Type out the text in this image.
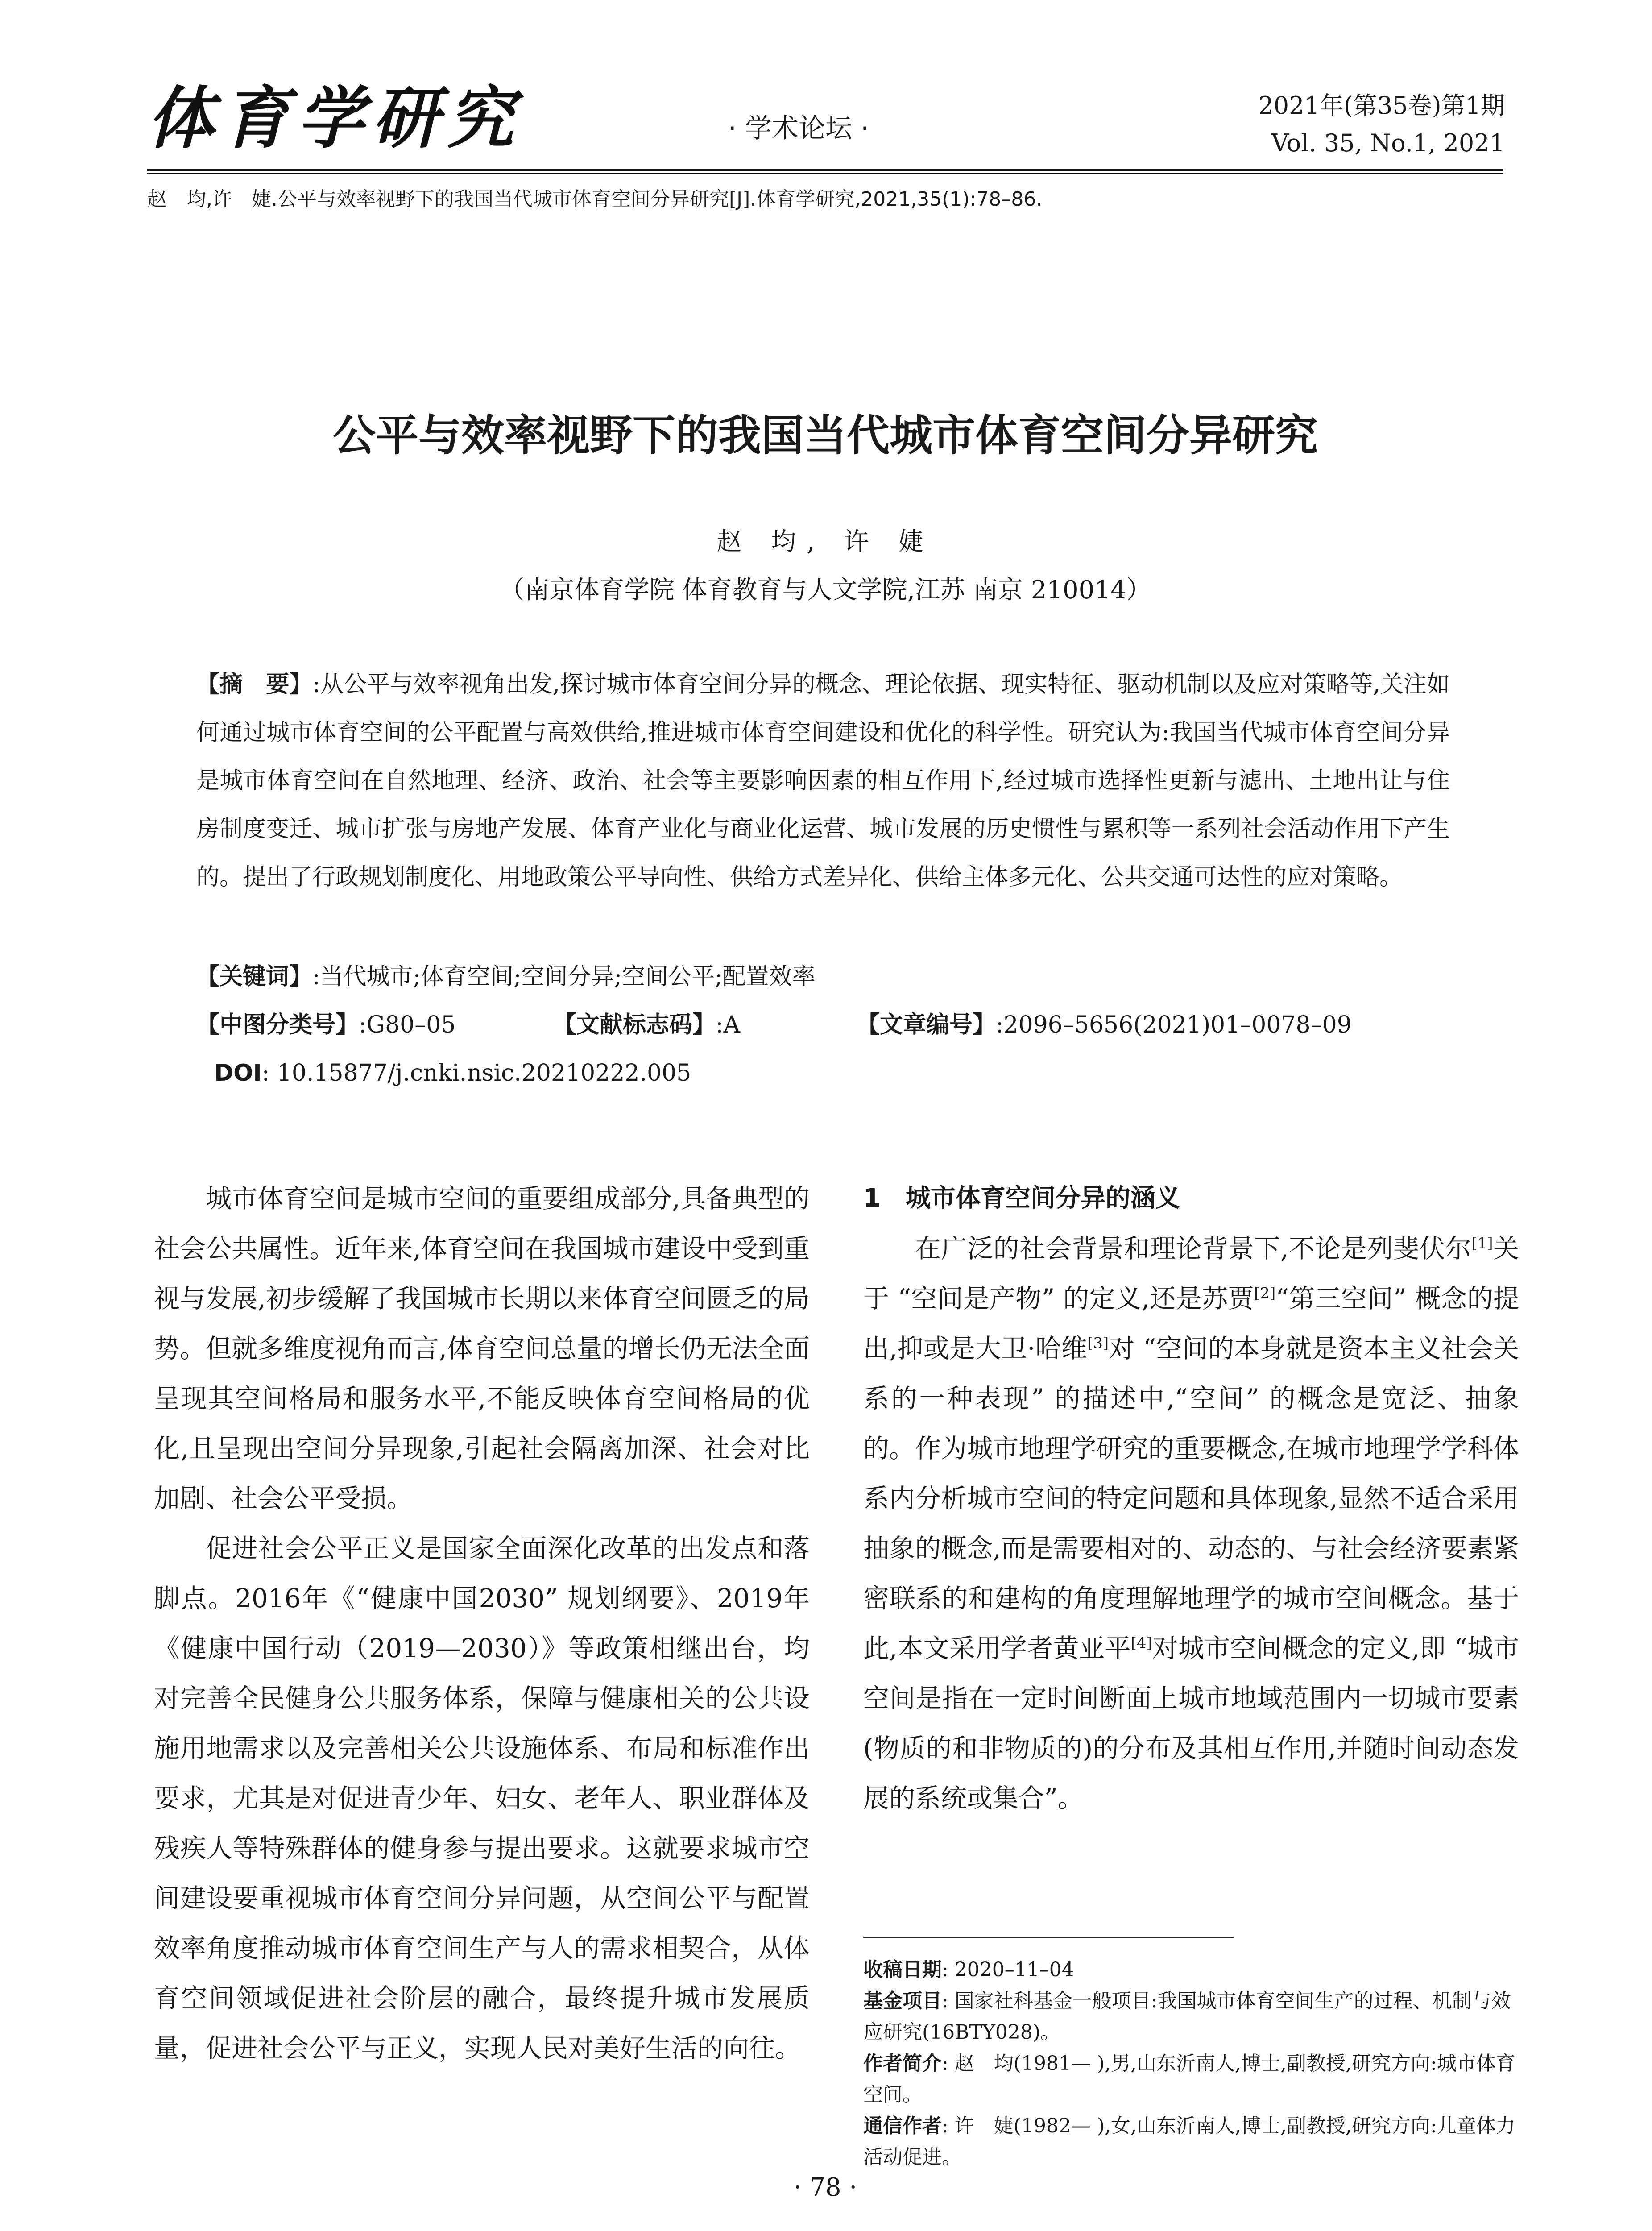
体育学研究	· 学术论坛 ·
2021年(第35卷)第1期
Vol. 35, No.1, 2021
赵　均,许　婕.公平与效率视野下的我国当代城市体育空间分异研究[J].体育学研究,2021,35(1):78–86.
公平与效率视野下的我国当代城市体育空间分异研究
赵 均, 许 婕
（南京体育学院 体育教育与人文学院,江苏 南京 210014）
【摘　要】:从公平与效率视角出发,探讨城市体育空间分异的概念、理论依据、现实特征、驱动机制以及应对策略等,关注如何通过城市体育空间的公平配置与高效供给,推进城市体育空间建设和优化的科学性。研究认为:我国当代城市体育空间分异是城市体育空间在自然地理、经济、政治、社会等主要影响因素的相互作用下,经过城市选择性更新与滤出、土地出让与住房制度变迁、城市扩张与房地产发展、体育产业化与商业化运营、城市发展的历史惯性与累积等一系列社会活动作用下产生的。提出了行政规划制度化、用地政策公平导向性、供给方式差异化、供给主体多元化、公共交通可达性的应对策略。
【关键词】:当代城市;体育空间;空间分异;空间公平;配置效率
【中图分类号】:G80–05	【文献标志码】:A	【文章编号】:2096–5656(2021)01–0078–09
DOI: 10.15877/j.cnki.nsic.20210222.005

城市体育空间是城市空间的重要组成部分,具备典型的社会公共属性。近年来,体育空间在我国城市建设中受到重视与发展,初步缓解了我国城市长期以来体育空间匮乏的局势。但就多维度视角而言,体育空间总量的增长仍无法全面呈现其空间格局和服务水平,不能反映体育空间格局的优化,且呈现出空间分异现象,引起社会隔离加深、社会对比加剧、社会公平受损。

促进社会公平正义是国家全面深化改革的出发点和落脚点。2016年《“健康中国2030” 规划纲要》、2019年《健康中国行动（2019—2030）》等政策相继出台，均对完善全民健身公共服务体系，保障与健康相关的公共设施用地需求以及完善相关公共设施体系、布局和标准作出要求，尤其是对促进青少年、妇女、老年人、职业群体及残疾人等特殊群体的健身参与提出要求。这就要求城市空间建设要重视城市体育空间分异问题，从空间公平与配置效率角度推动城市体育空间生产与人的需求相契合，从体育空间领域促进社会阶层的融合，最终提升城市发展质量，促进社会公平与正义，实现人民对美好生活的向往。

1　城市体育空间分异的涵义

在广泛的社会背景和理论背景下,不论是列斐伏尔[1]关于 “空间是产物” 的定义,还是苏贾[2]“第三空间” 概念的提出,抑或是大卫·哈维[3]对 “空间的本身就是资本主义社会关系的一种表现” 的描述中,“空间” 的概念是宽泛、抽象的。作为城市地理学研究的重要概念,在城市地理学学科体系内分析城市空间的特定问题和具体现象,显然不适合采用抽象的概念,而是需要相对的、动态的、与社会经济要素紧密联系的和建构的角度理解地理学的城市空间概念。基于此,本文采用学者黄亚平[4]对城市空间概念的定义,即 “城市空间是指在一定时间断面上城市地域范围内一切城市要素(物质的和非物质的)的分布及其相互作用,并随时间动态发展的系统或集合”。

收稿日期: 2020–11–04

基金项目: 国家社科基金一般项目:我国城市体育空间生产的过程、机制与效应研究(16BTY028)。

作者简介: 赵　均(1981— ),男,山东沂南人,博士,副教授,研究方向:城市体育空间。

通信作者: 许　婕(1982— ),女,山东沂南人,博士,副教授,研究方向:儿童体力活动促进。

· 78 ·
